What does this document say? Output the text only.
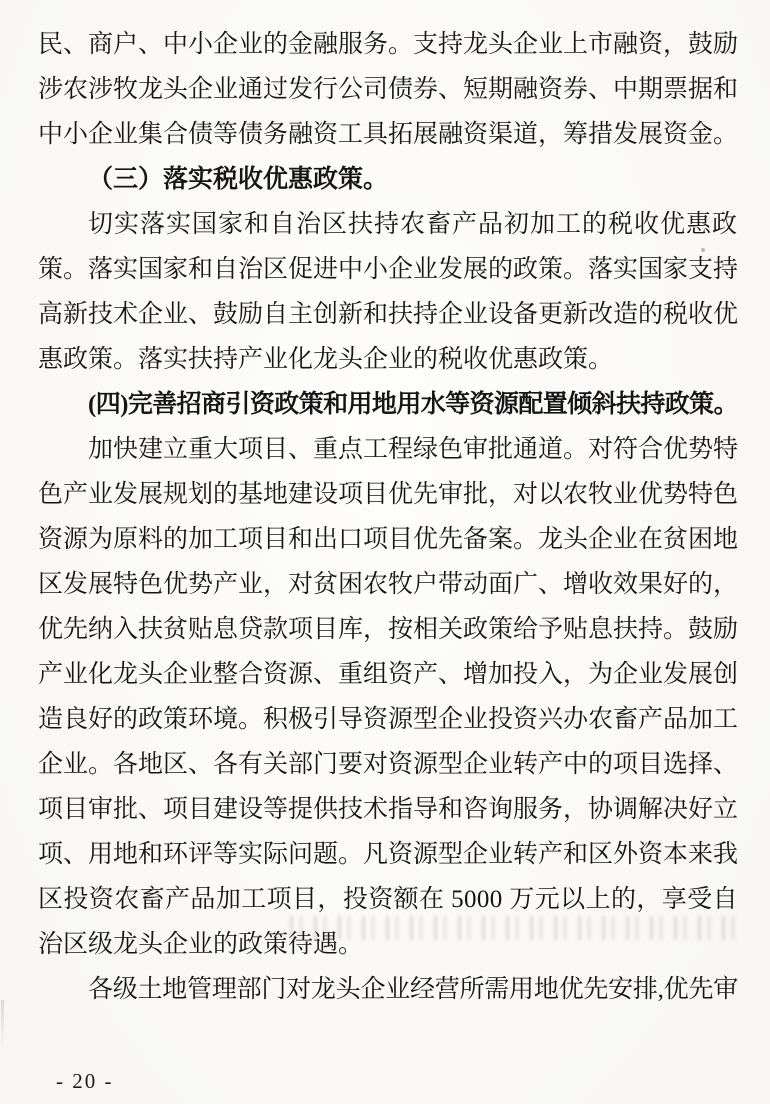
民、商户、中小企业的金融服务。支持龙头企业上市融资，鼓励
涉农涉牧龙头企业通过发行公司债券、短期融资券、中期票据和
中小企业集合债等债务融资工具拓展融资渠道，筹措发展资金。
（三）落实税收优惠政策。
切实落实国家和自治区扶持农畜产品初加工的税收优惠政
策。落实国家和自治区促进中小企业发展的政策。落实国家支持
高新技术企业、鼓励自主创新和扶持企业设备更新改造的税收优
惠政策。落实扶持产业化龙头企业的税收优惠政策。
(四)完善招商引资政策和用地用水等资源配置倾斜扶持政策。
加快建立重大项目、重点工程绿色审批通道。对符合优势特
色产业发展规划的基地建设项目优先审批，对以农牧业优势特色
资源为原料的加工项目和出口项目优先备案。龙头企业在贫困地
区发展特色优势产业，对贫困农牧户带动面广、增收效果好的，
优先纳入扶贫贴息贷款项目库，按相关政策给予贴息扶持。鼓励
产业化龙头企业整合资源、重组资产、增加投入，为企业发展创
造良好的政策环境。积极引导资源型企业投资兴办农畜产品加工
企业。各地区、各有关部门要对资源型企业转产中的项目选择、
项目审批、项目建设等提供技术指导和咨询服务，协调解决好立
项、用地和环评等实际问题。凡资源型企业转产和区外资本来我
区投资农畜产品加工项目，投资额在 5000 万元以上的，享受自
治区级龙头企业的政策待遇。
各级土地管理部门对龙头企业经营所需用地优先安排,优先审
- 20 -
